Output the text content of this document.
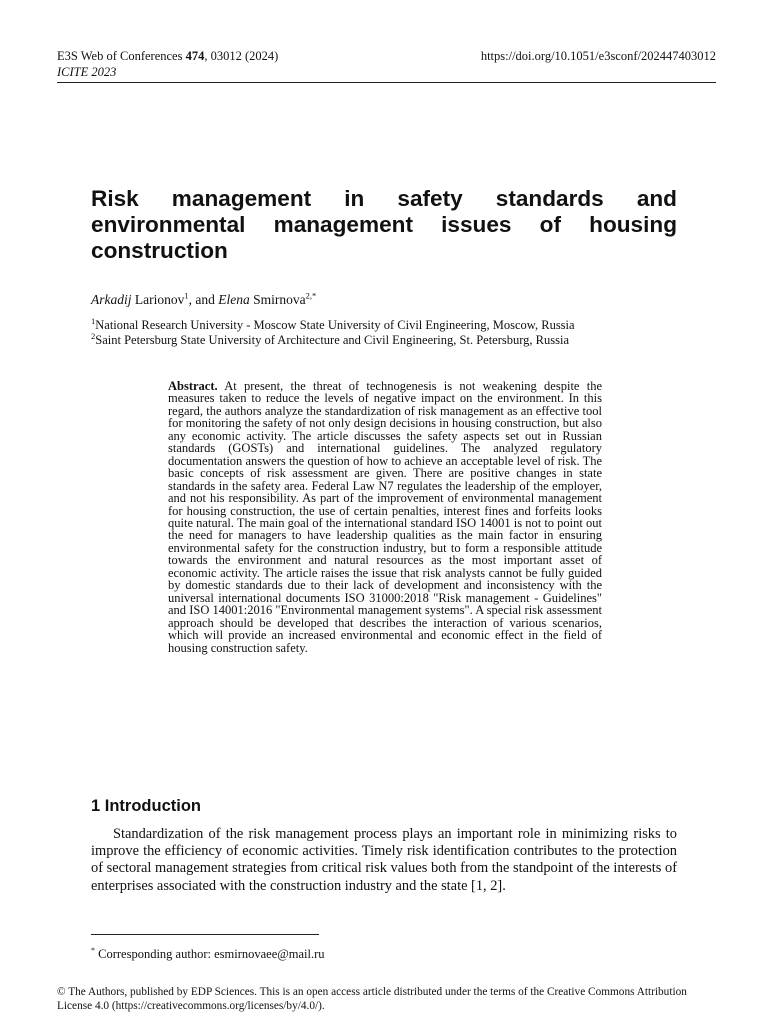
E3S Web of Conferences 474, 03012 (2024)	https://doi.org/10.1051/e3sconf/202447403012
ICITE 2023
Risk management in safety standards and environmental management issues of housing construction
Arkadij Larionov$^1$, and Elena Smirnova$^{2,*}$
$^1$National Research University - Moscow State University of Civil Engineering, Moscow, Russia
$^2$Saint Petersburg State University of Architecture and Civil Engineering, St. Petersburg, Russia

Abstract. At present, the threat of technogenesis is not weakening despite the measures taken to reduce the levels of negative impact on the environment. In this regard, the authors analyze the standardization of risk management as an effective tool for monitoring the safety of not only design decisions in housing construction, but also any economic activity. The article discusses the safety aspects set out in Russian standards (GOSTs) and international guidelines. The analyzed regulatory documentation answers the question of how to achieve an acceptable level of risk. The basic concepts of risk assessment are given. There are positive changes in state standards in the safety area. Federal Law N7 regulates the leadership of the employer, and not his responsibility. As part of the improvement of environmental management for housing construction, the use of certain penalties, interest fines and forfeits looks quite natural. The main goal of the international standard ISO 14001 is not to point out the need for managers to have leadership qualities as the main factor in ensuring environmental safety for the construction industry, but to form a responsible attitude towards the environment and natural resources as the most important asset of economic activity. The article raises the issue that risk analysts cannot be fully guided by domestic standards due to their lack of development and inconsistency with the universal international documents ISO 31000:2018 "Risk management - Guidelines" and ISO 14001:2016 "Environmental management systems". A special risk assessment approach should be developed that describes the interaction of various scenarios, which will provide an increased environmental and economic effect in the field of housing construction safety.

1 Introduction

Standardization of the risk management process plays an important role in minimizing risks to improve the efficiency of economic activities. Timely risk identification contributes to the protection of sectoral management strategies from critical risk values both from the standpoint of the interests of enterprises associated with the construction industry and the state [1, 2].

* Corresponding author: esmirnovaee@mail.ru
© The Authors, published by EDP Sciences. This is an open access article distributed under the terms of the Creative Commons Attribution License 4.0 (https://creativecommons.org/licenses/by/4.0/).
